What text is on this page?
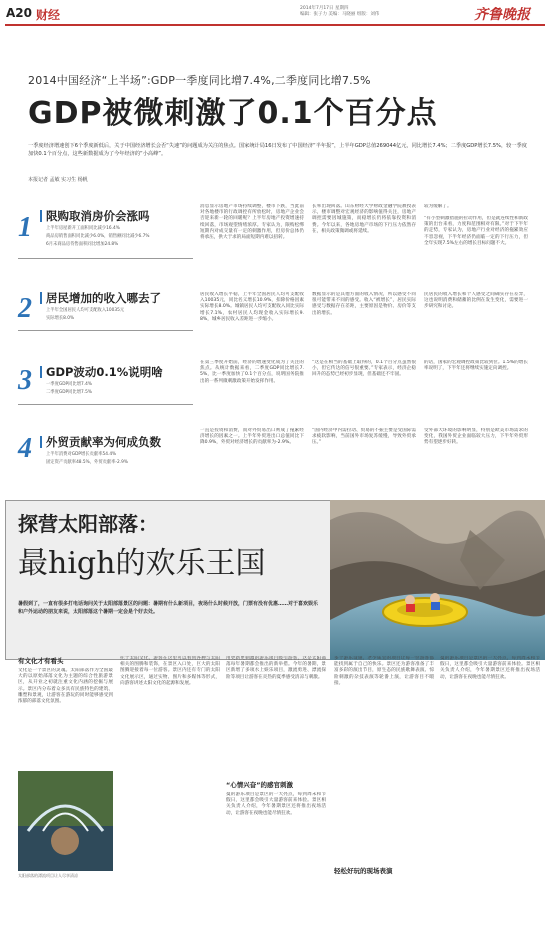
A20 财经	2014年7月17日 星期四
编辑：张子力 美编：马晓丽 组版：刘伟	齐鲁晚报
2014中国经济“上半场”:GDP一季度同比增7.4%,二季度同比增7.5%
GDP被微刺激了0.1个百分点
一季度经济增速创下6个季度新低后，关于中国经济增长会否“失速”的问题成为关注的焦点。国家统计局16日发布了中国经济“半年报”，上半年GDP总值269044亿元，同比增长7.4%；二季度GDP增长7.5%，较一季度加快0.1个百分点，这些新数据成为了今年经济的“小高峰”。
本报记者 孟敏 实习生 杨帆
1 限购取消房价会涨吗
上半年房屋新开工面积同比减少16.4%
商品房销售面积同比减少6.0%，销售额同比减少6.7%
6月末商品房待售面积同比增加24.8%
2 居民增加的收入哪去了
上半年全国居民人均可支配收入10035元
实际增长8.0%
3 GDP波动0.1%说明啥
一季度GDP同比增7.4%
二季度GDP同比增7.5%
4 外贸贡献率为何成负数
上半年消费对GDP增长贡献率54.4%
固定资产贡献率48.5%，外贸贡献率-2.9%
消息显示房地产市场持续调整，楼市下跌，当此前对各地楼市的行政调控有所放松时，房地产企业会否迎来新一轮的回暖呢？上半年房地产投资增速持续回落，市场观望情绪浓厚。专家认为，限购松绑短期内对成交量有一定的刺激作用，但房价总体仍将承压，供大于求的局面短期内难以扭转。
长率出现回落。山东财经大学财政金融学院教授表示，楼市调整对宏观经济的影响值得关注，房地产调控需要因城施策，而稳增长仍将依靠投资和消费。今年以来，各地房地产市场的下行压力依然存在，相关政策微调或将延续。
较为缓解了。
“有小型刺激措施的拉动作用，但是就连续性和新政策的出台来看，力度和范围相对有限。”对于下半年的走势，专家认为，房地产行业对经济的拖累效应不容忽视，下半年经济仍面临一定的下行压力，但全年实现7.5%左右的增长目标问题不大。
居民收入增长平稳，上半年全国居民人均可支配收入10035元，同比名义增长10.9%，扣除价格因素实际增长8.0%。城镇居民人均可支配收入同比实际增长7.1%，农村居民人均现金收入实际增长9.8%，城乡居民收入差距进一步缩小。
数据显示的是其他方面的收入情况，所以感受不同很可能带来不同的感受。收入“被增长”，居民实际感受与数据存在差距，主要原因是物价、房价等支出的增长。
民居民的收入增长和个人感受之间确实存在差异，这也说明消费和储蓄的比例在发生变化，需要进一步研究和讨论。
在第三季度开始前，经济的增速变化成为了关注的焦点。从统计数据来看，二季度GDP同比增长7.5%，比一季度加快了0.1个百分点，说明国务院推出的一系列微刺激政策开始发挥作用。
“这是在相当的基础上取得的，0.1个百分点虽然很小，但它传达的信号很重要。”专家表示，经济企稳回升的态势已经初步显现，但基础还不牢固。
的话，国家的宏观调控政策比较到位。1.5%的增长率说明了，下半年还将继续实施定向调控。
一直是投资和消费，而对外贸易出口则成了拖累经济增长的因素之一。上半年外贸进出口总值同比下降0.9%，外贸对经济增长的贡献率为-2.9%。
“国内经济中内需拉动、贸易的不振主要是受国际需求疲软影响，当前国外市场复苏缓慢，导致外贸承压。”
受外部大环境的影响明显，特别是欧美市场需求的变化，我国外贸企业面临较大压力，下半年外贸形势有望逐步好转。
探营太阳部落：
最high的欢乐王国
暑假到了，一直有很多打电话询问关于太阳部落景区的问题：暑期有什么新项目，夜场什么时候开放，门票有没有优惠……对于喜欢娱乐和户外运动的朋友来说，太阳部落这个暑期一定会是个好去处。
有文化才有看头
文化是一个景区的灵魂。太阳部落作为全国最大的以原始部落文化为主题的综合性旅游景区，从开业之初就注重文化内涵的挖掘与展示。景区内分布着众多具有民族特色的建筑、雕塑和景观，让游客在游玩的同时能够感受到浓郁的部落文化氛围。
太阳部落的漂流项目让人尽享清凉
托于太阳文化，游客在这里可以看到各种与太阳相关的图腾和装饰，在景区入口处，巨大的太阳图腾迎接着每一位游客。景区内还有专门的太阳文化展示区，通过实物、图片和多媒体等形式，向游客讲述太阳文化的起源和发展。
用更新更刺激的游乐项目吸引游客，这是太阳部落每年暑期都会推出的新举措。今年的暑期，景区新增了多项水上娱乐项目，激流勇进、漂流探险等项目让游客在炎热的夏季感受清凉与刺激。
“心情兴奋”的感官刺激
曼的游乐项目是景区的一大亮点，每到周末和节假日，这里都会吸引大量游客前来体验。景区相关负责人介绍，今年暑期景区还将推出夜场活动，让游客在夜晚也能尽情狂欢。
轻松好玩的现场表演
多个游乐设施，老少咸宜的项目让每一位游客都能找到属于自己的快乐。景区还为游客准备了丰富多彩的演出节目，原生态的民族歌舞表演、惊险刺激的杂技表演等轮番上演，让游客目不暇接。
曼的游乐项目是景区的一大亮点，每到周末和节假日，这里都会吸引大量游客前来体验。景区相关负责人介绍，今年暑期景区还将推出夜场活动，让游客在夜晚也能尽情狂欢。
